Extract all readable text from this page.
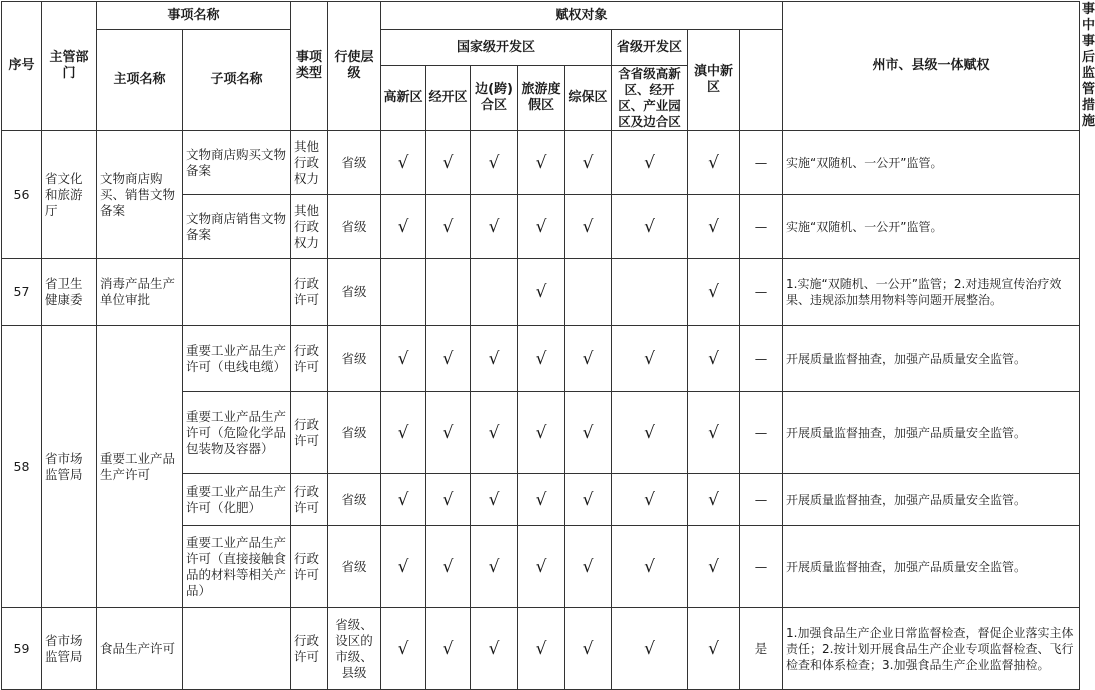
序号	主管部门	事项名称		事项类型	行使层级	赋权对象								州市、县级一体赋权	事中事后监管措施
		主项名称	子项名称			国家级开发区					省级开发区	滇中新区			
						高新区	经开区	边(跨)合区	旅游度假区	综保区	含省级高新区、经开区、产业园区及边合区				
56	省文化和旅游厅	文物商店购买、销售文物备案	文物商店购买文物备案	其他行政权力	省级	√	√	√	√	√	√	√	—	实施“双随机、一公开”监管。	
			文物商店销售文物备案	其他行政权力	省级	√	√	√	√	√	√	√	—	实施“双随机、一公开”监管。	
57	省卫生健康委	消毒产品生产单位审批		行政许可	省级				√			√	—	1.实施“双随机、一公开”监管；2.对违规宣传治疗效果、违规添加禁用物料等问题开展整治。	
58	省市场监管局	重要工业产品生产许可	重要工业产品生产许可（电线电缆）	行政许可	省级	√	√	√	√	√	√	√	—	开展质量监督抽查，加强产品质量安全监管。	
			重要工业产品生产许可（危险化学品包装物及容器）	行政许可	省级	√	√	√	√	√	√	√	—	开展质量监督抽查，加强产品质量安全监管。	
			重要工业产品生产许可（化肥）	行政许可	省级	√	√	√	√	√	√	√	—	开展质量监督抽查，加强产品质量安全监管。	
			重要工业产品生产许可（直接接触食品的材料等相关产品）	行政许可	省级	√	√	√	√	√	√	√	—	开展质量监督抽查，加强产品质量安全监管。	
59	省市场监管局	食品生产许可		行政许可	省级、设区的市级、县级	√	√	√	√	√	√	√	是	1.加强食品生产企业日常监督检查，督促企业落实主体责任；2.按计划开展食品生产企业专项监督检查、飞行检查和体系检查；3.加强食品生产企业监督抽检。	
